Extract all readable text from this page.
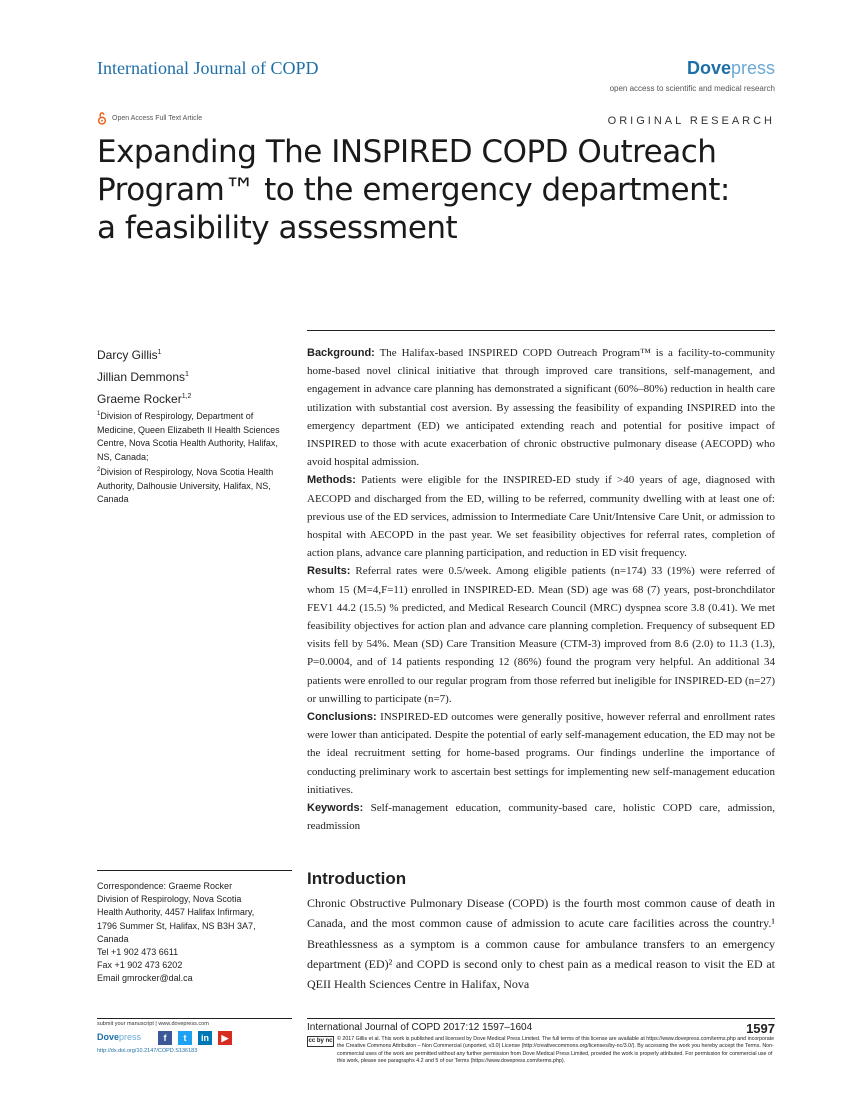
International Journal of COPD	Dovepress
open access to scientific and medical research
Open Access Full Text Article	ORIGINAL RESEARCH
Expanding The INSPIRED COPD Outreach
Program™ to the emergency department:
a feasibility assessment
Darcy Gillis$^1$
Jillian Demmons$^1$
Graeme Rocker$^{1,2}$
$^1$Division of Respirology, Department of Medicine, Queen Elizabeth II Health Sciences Centre, Nova Scotia Health Authority, Halifax, NS, Canada;
$^2$Division of Respirology, Nova Scotia Health Authority, Dalhousie University, Halifax, NS, Canada

Background: The Halifax-based INSPIRED COPD Outreach Program™ is a facility-to-community home-based novel clinical initiative that through improved care transitions, self-management, and engagement in advance care planning has demonstrated a significant (60%–80%) reduction in health care utilization with substantial cost aversion. By assessing the feasibility of expanding INSPIRED into the emergency department (ED) we anticipated extending reach and potential for positive impact of INSPIRED to those with acute exacerbation of chronic obstructive pulmonary disease (AECOPD) who avoid hospital admission.

Methods: Patients were eligible for the INSPIRED-ED study if >40 years of age, diagnosed with AECOPD and discharged from the ED, willing to be referred, community dwelling with at least one of: previous use of the ED services, admission to Intermediate Care Unit/Intensive Care Unit, or admission to hospital with AECOPD in the past year. We set feasibility objectives for referral rates, completion of action plans, advance care planning participation, and reduction in ED visit frequency.

Results: Referral rates were 0.5/week. Among eligible patients (n=174) 33 (19%) were referred of whom 15 (M=4,F=11) enrolled in INSPIRED-ED. Mean (SD) age was 68 (7) years, post-bronchdilator FEV1 44.2 (15.5) % predicted, and Medical Research Council (MRC) dyspnea score 3.8 (0.41). We met feasibility objectives for action plan and advance care planning completion. Frequency of subsequent ED visits fell by 54%. Mean (SD) Care Transition Measure (CTM-3) improved from 8.6 (2.0) to 11.3 (1.3), P=0.0004, and of 14 patients responding 12 (86%) found the program very helpful. An additional 34 patients were enrolled to our regular program from those referred but ineligible for INSPIRED-ED (n=27) or unwilling to participate (n=7).

Conclusions: INSPIRED-ED outcomes were generally positive, however referral and enrollment rates were lower than anticipated. Despite the potential of early self-management education, the ED may not be the ideal recruitment setting for home-based programs. Our findings underline the importance of conducting preliminary work to ascertain best settings for implementing new self-management education initiatives.

Keywords: Self-management education, community-based care, holistic COPD care, admission, readmission

Correspondence: Graeme Rocker
Division of Respirology, Nova Scotia
Health Authority, 4457 Halifax Infirmary,
1796 Summer St, Halifax, NS B3H 3A7,
Canada
Tel +1 902 473 6611
Fax +1 902 473 6202
Email gmrocker@dal.ca
Introduction

Chronic Obstructive Pulmonary Disease (COPD) is the fourth most common cause of death in Canada, and the most common cause of admission to acute care facilities across the country.¹ Breathlessness as a symptom is a common cause for ambulance transfers to an emergency department (ED)² and COPD is second only to chest pain as a medical reason to visit the ED at QEII Health Sciences Centre in Halifax, Nova

submit your manuscript | www.dovepress.com
Dovepress	f	t	in	▶
http://dx.doi.org/10.2147/COPD.S136183
International Journal of COPD 2017:12 1597–1604	1597
cc by nc © 2017 Gillis et al. This work is published and licensed by Dove Medical Press Limited. The full terms of this license are available at https://www.dovepress.com/terms.php and incorporate the Creative Commons Attribution – Non Commercial (unported, v3.0) License (http://creativecommons.org/licenses/by-nc/3.0/). By accessing the work you hereby accept the Terms. Non-commercial uses of the work are permitted without any further permission from Dove Medical Press Limited, provided the work is properly attributed. For permission for commercial use of this work, please see paragraphs 4.2 and 5 of our Terms (https://www.dovepress.com/terms.php).
